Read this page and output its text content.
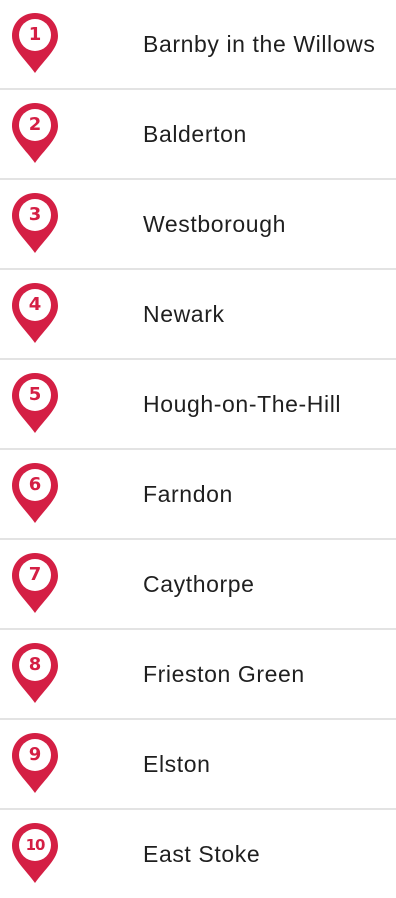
1	Barnby in the Willows
2	Balderton
3	Westborough
4	Newark
5	Hough-on-The-Hill
6	Farndon
7	Caythorpe
8	Frieston Green
9	Elston
10	East Stoke
